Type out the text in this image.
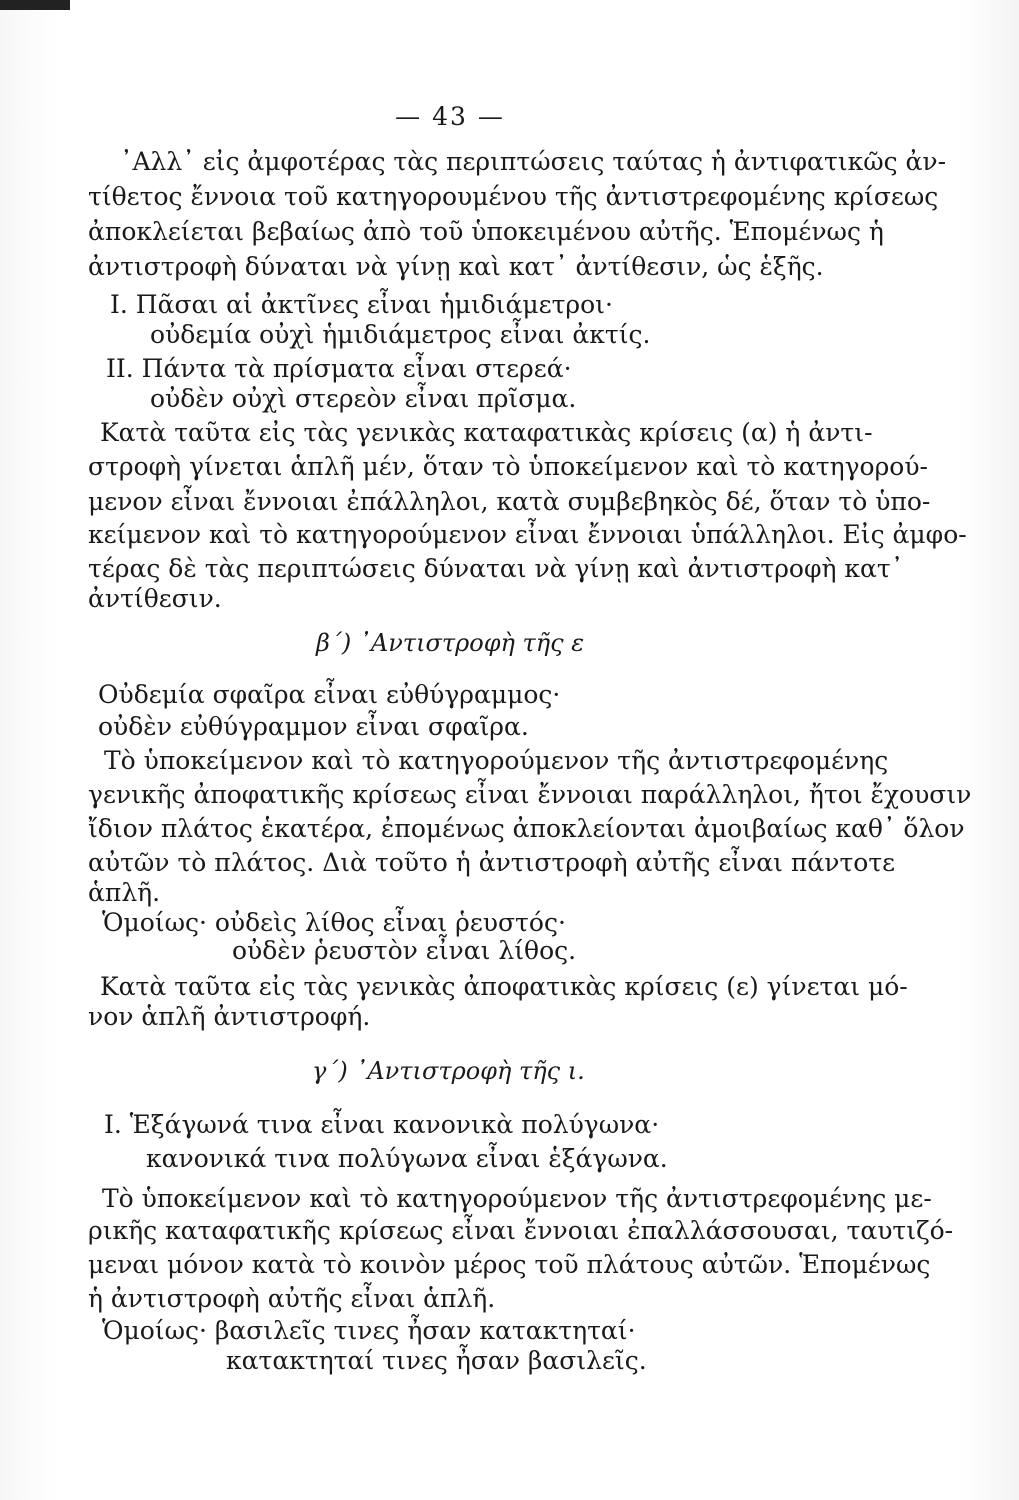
— 43 —
᾿Αλλ᾿ εἰς ἀμφοτέρας τὰς περιπτώσεις ταύτας ἡ ἀντιφατικῶς ἀν-
τίθετος ἔννοια τοῦ κατηγορουμένου τῆς ἀντιστρεφομένης κρίσεως
ἀποκλείεται βεβαίως ἀπὸ τοῦ ὑποκειμένου αὐτῆς. Ἑπομένως ἡ
ἀντιστροφὴ δύναται νὰ γίνῃ καὶ κατ᾿ ἀντίθεσιν, ὡς ἑξῆς.
I. Πᾶσαι αἱ ἀκτῖνες εἶναι ἡμιδιάμετροι·
οὐδεμία οὐχὶ ἡμιδιάμετρος εἶναι ἀκτίς.
II. Πάντα τὰ πρίσματα εἶναι στερεά·
οὐδὲν οὐχὶ στερεὸν εἶναι πρῖσμα.
Κατὰ ταῦτα εἰς τὰς γενικὰς καταφατικὰς κρίσεις (α) ἡ ἀντι-
στροφὴ γίνεται ἁπλῆ μέν, ὅταν τὸ ὑποκείμενον καὶ τὸ κατηγορού-
μενον εἶναι ἔννοιαι ἐπάλληλοι, κατὰ συμβεβηκὸς δέ, ὅταν τὸ ὑπο-
κείμενον καὶ τὸ κατηγορούμενον εἶναι ἔννοιαι ὑπάλληλοι. Εἰς ἀμφο-
τέρας δὲ τὰς περιπτώσεις δύναται νὰ γίνῃ καὶ ἀντιστροφὴ κατ᾿
ἀντίθεσιν.
β΄) ᾿Αντιστροφὴ τῆς ε
Οὐδεμία σφαῖρα εἶναι εὐθύγραμμος·
οὐδὲν εὐθύγραμμον εἶναι σφαῖρα.
Τὸ ὑποκείμενον καὶ τὸ κατηγορούμενον τῆς ἀντιστρεφομένης
γενικῆς ἀποφατικῆς κρίσεως εἶναι ἔννοιαι παράλληλοι, ἤτοι ἔχουσιν
ἴδιον πλάτος ἑκατέρα, ἐπομένως ἀποκλείονται ἀμοιβαίως καθ᾿ ὅλον
αὐτῶν τὸ πλάτος. Διὰ τοῦτο ἡ ἀντιστροφὴ αὐτῆς εἶναι πάντοτε
ἁπλῆ.
Ὁμοίως· οὐδεὶς λίθος εἶναι ῥευστός·
οὐδὲν ῥευστὸν εἶναι λίθος.
Κατὰ ταῦτα εἰς τὰς γενικὰς ἀποφατικὰς κρίσεις (ε) γίνεται μό-
νον ἁπλῆ ἀντιστροφή.
γ΄) ᾿Αντιστροφὴ τῆς ι.
I. Ἑξάγωνά τινα εἶναι κανονικὰ πολύγωνα·
κανονικά τινα πολύγωνα εἶναι ἑξάγωνα.
Τὸ ὑποκείμενον καὶ τὸ κατηγορούμενον τῆς ἀντιστρεφομένης με-
ρικῆς καταφατικῆς κρίσεως εἶναι ἔννοιαι ἐπαλλάσσουσαι, ταυτιζό-
μεναι μόνον κατὰ τὸ κοινὸν μέρος τοῦ πλάτους αὐτῶν. Ἑπομένως
ἡ ἀντιστροφὴ αὐτῆς εἶναι ἁπλῆ.
Ὁμοίως· βασιλεῖς τινες ἦσαν κατακτηταί·
κατακτηταί τινες ἦσαν βασιλεῖς.
